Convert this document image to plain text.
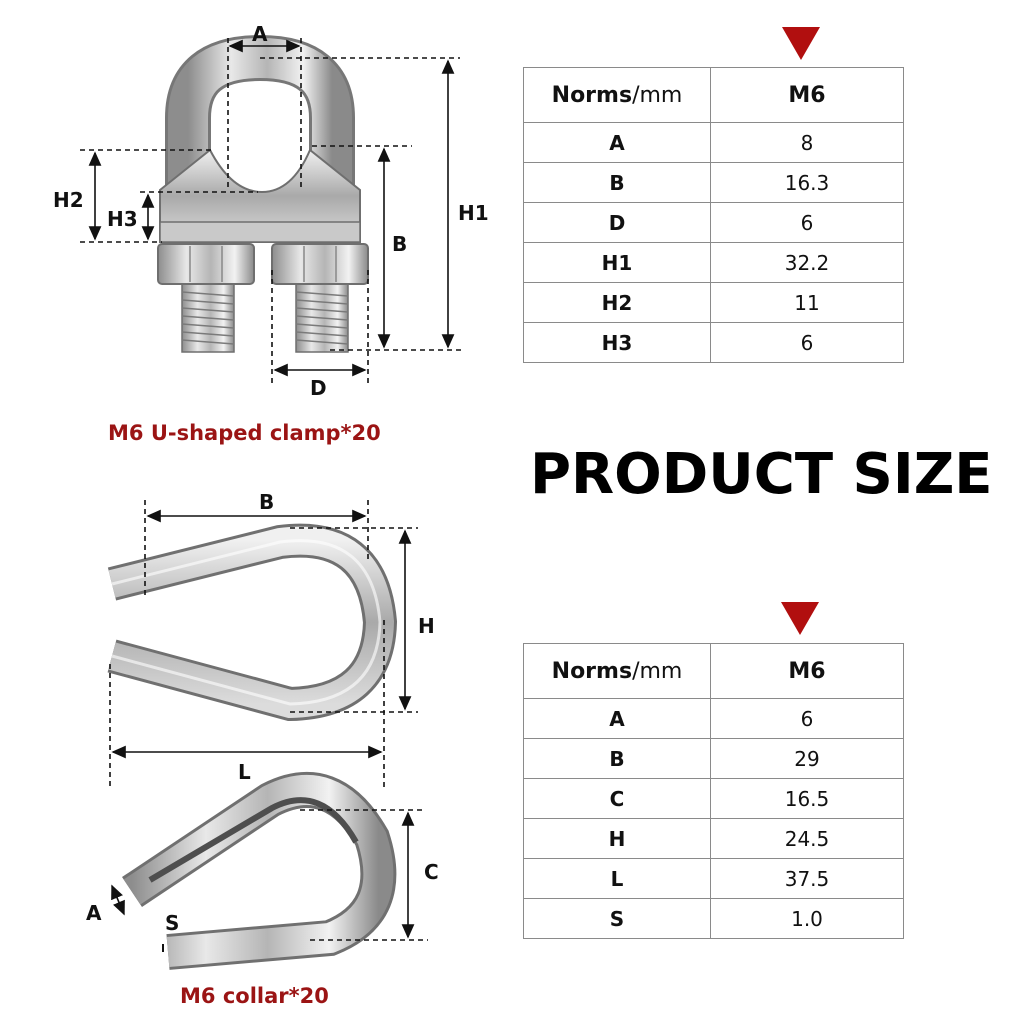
A
H1
B
H2
H3
D
B
H
L
C
A	S
M6 U-shaped clamp*20
M6 collar*20
PRODUCT SIZE
Norms/mm	M6
A	8
B	16.3
D	6
H1	32.2
H2	11
H3	6
Norms/mm	M6
A	6
B	29
C	16.5
H	24.5
L	37.5
S	1.0
